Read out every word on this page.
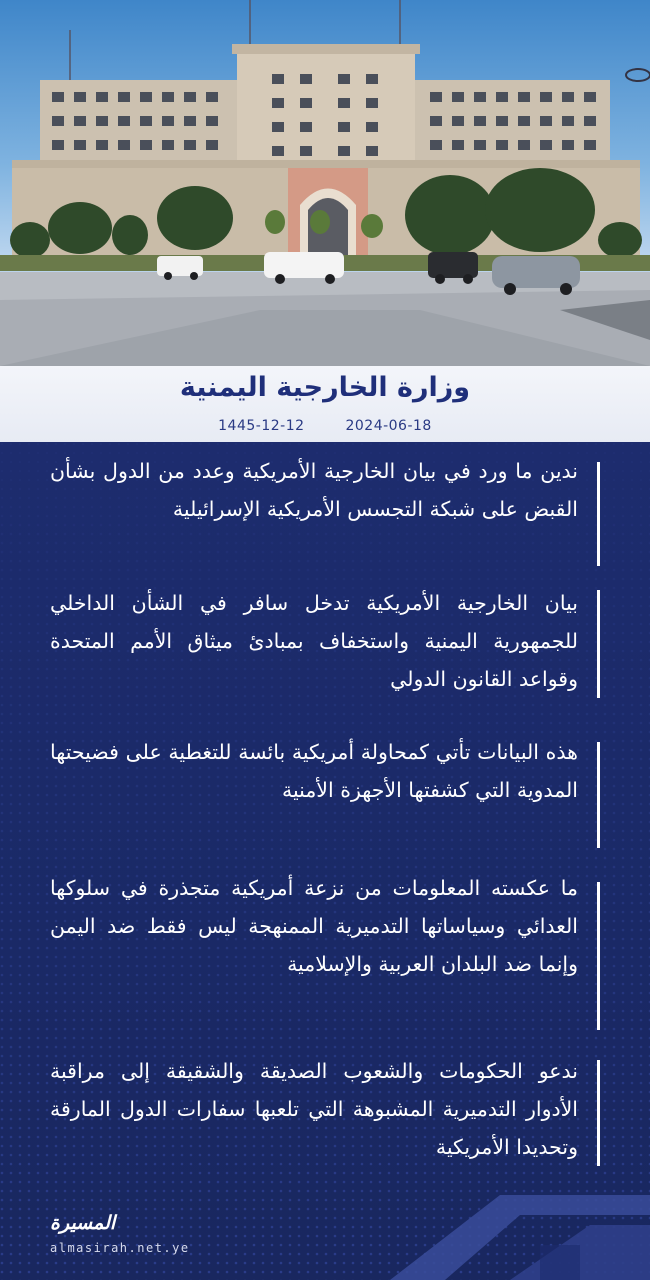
وزارة الخارجية اليمنية
1445-12-12	2024-06-18

ندين ما ورد في بيان الخارجية الأمريكية وعدد من الدول بشأن القبض على شبكة التجسس الأمريكية الإسرائيلية

بيان الخارجية الأمريكية تدخل سافر في الشأن الداخلي للجمهورية اليمنية واستخفاف بمبادئ ميثاق الأمم المتحدة وقواعد القانون الدولي

هذه البيانات تأتي كمحاولة أمريكية بائسة للتغطية على فضيحتها المدوية التي كشفتها الأجهزة الأمنية

ما عكسته المعلومات من نزعة أمريكية متجذرة في سلوكها العدائي وسياساتها التدميرية الممنهجة ليس فقط ضد اليمن وإنما ضد البلدان العربية والإسلامية

ندعو الحكومات والشعوب الصديقة والشقيقة إلى مراقبة الأدوار التدميرية المشبوهة التي تلعبها سفارات الدول المارقة وتحديدا الأمريكية

المسيرة
almasirah.net.ye
